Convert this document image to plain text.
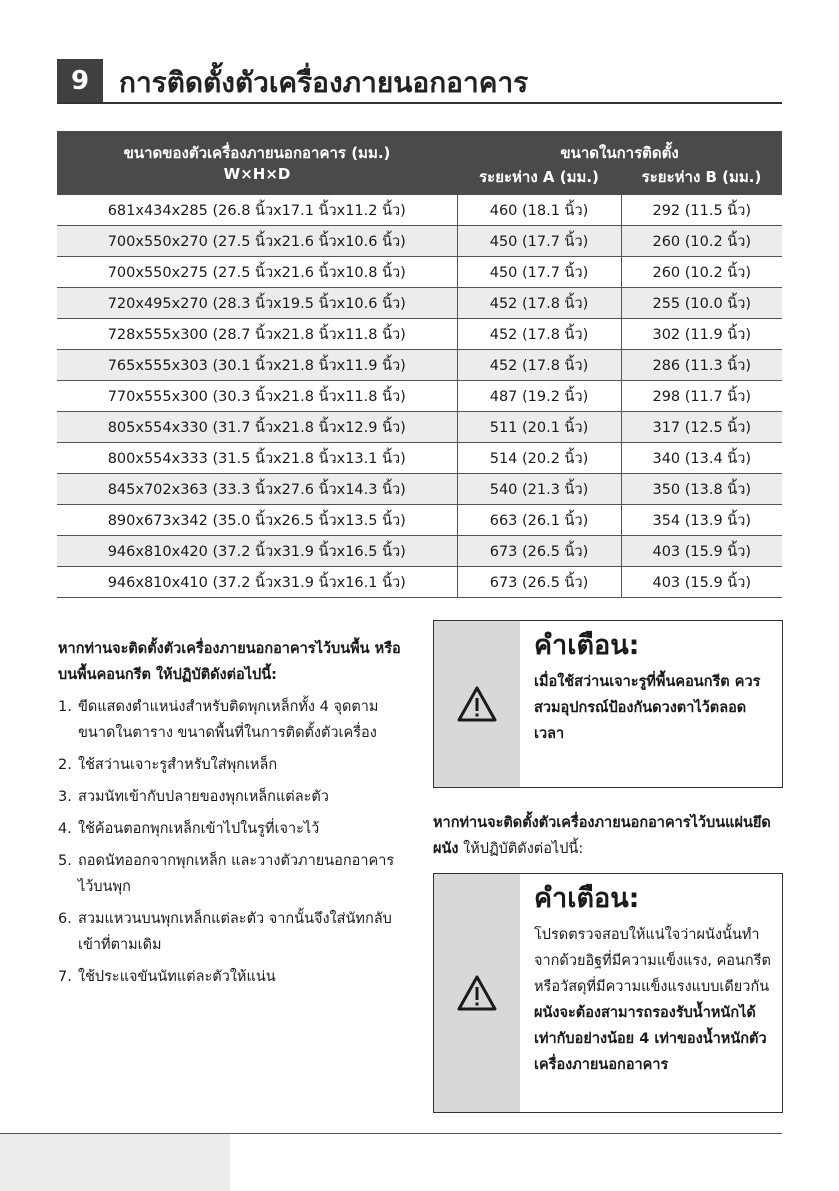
9	การติดตั้งตัวเครื่องภายนอกอาคาร
ขนาดของตัวเครื่องภายนอกอาคาร (มม.)	ขนาดในการติดตั้ง	
W×H×D	ระยะห่าง A (มม.)	ระยะห่าง B (มม.)
681x434x285 (26.8 นิ้วx17.1 นิ้วx11.2 นิ้ว)	460 (18.1 นิ้ว)	292 (11.5 นิ้ว)
700x550x270 (27.5 นิ้วx21.6 นิ้วx10.6 นิ้ว)	450 (17.7 นิ้ว)	260 (10.2 นิ้ว)
700x550x275 (27.5 นิ้วx21.6 นิ้วx10.8 นิ้ว)	450 (17.7 นิ้ว)	260 (10.2 นิ้ว)
720x495x270 (28.3 นิ้วx19.5 นิ้วx10.6 นิ้ว)	452 (17.8 นิ้ว)	255 (10.0 นิ้ว)
728x555x300 (28.7 นิ้วx21.8 นิ้วx11.8 นิ้ว)	452 (17.8 นิ้ว)	302 (11.9 นิ้ว)
765x555x303 (30.1 นิ้วx21.8 นิ้วx11.9 นิ้ว)	452 (17.8 นิ้ว)	286 (11.3 นิ้ว)
770x555x300 (30.3 นิ้วx21.8 นิ้วx11.8 นิ้ว)	487 (19.2 นิ้ว)	298 (11.7 นิ้ว)
805x554x330 (31.7 นิ้วx21.8 นิ้วx12.9 นิ้ว)	511 (20.1 นิ้ว)	317 (12.5 นิ้ว)
800x554x333 (31.5 นิ้วx21.8 นิ้วx13.1 นิ้ว)	514 (20.2 นิ้ว)	340 (13.4 นิ้ว)
845x702x363 (33.3 นิ้วx27.6 นิ้วx14.3 นิ้ว)	540 (21.3 นิ้ว)	350 (13.8 นิ้ว)
890x673x342 (35.0 นิ้วx26.5 นิ้วx13.5 นิ้ว)	663 (26.1 นิ้ว)	354 (13.9 นิ้ว)
946x810x420 (37.2 นิ้วx31.9 นิ้วx16.5 นิ้ว)	673 (26.5 นิ้ว)	403 (15.9 นิ้ว)
946x810x410 (37.2 นิ้วx31.9 นิ้วx16.1 นิ้ว)	673 (26.5 นิ้ว)	403 (15.9 นิ้ว)

หากท่านจะติดตั้งตัวเครื่องภายนอกอาคารไว้บนพื้น หรือบนพื้นคอนกรีต ให้ปฏิบัติดังต่อไปนี้:

1. ขีดแสดงตำแหน่งสำหรับติดพุกเหล็กทั้ง 4 จุดตามขนาดในตาราง ขนาดพื้นที่ในการติดตั้งตัวเครื่อง
2. ใช้สว่านเจาะรูสำหรับใส่พุกเหล็ก
3. สวมนัทเข้ากับปลายของพุกเหล็กแต่ละตัว
4. ใช้ค้อนตอกพุกเหล็กเข้าไปในรูที่เจาะไว้
5. ถอดนัทออกจากพุกเหล็ก และวางตัวภายนอกอาคารไว้บนพุก
6. สวมแหวนบนพุกเหล็กแต่ละตัว จากนั้นจึงใส่นัทกลับเข้าที่ตามเดิม
7. ใช้ประแจขันนัทแต่ละตัวให้แน่น
คำเตือน:
เมื่อใช้สว่านเจาะรูที่พื้นคอนกรีต ควรสวมอุปกรณ์ป้องกันดวงตาไว้ตลอดเวลา
หากท่านจะติดตั้งตัวเครื่องภายนอกอาคารไว้บนแผ่นยึดผนัง ให้ปฏิบัติดังต่อไปนี้:
คำเตือน:
โปรดตรวจสอบให้แน่ใจว่าผนังนั้นทำจากด้วยอิฐที่มีความแข็งแรง, คอนกรีต หรือวัสดุที่มีความแข็งแรงแบบเดียวกัน ผนังจะต้องสามารถรองรับน้ำหนักได้เท่ากับอย่างน้อย 4 เท่าของน้ำหนักตัวเครื่องภายนอกอาคาร
